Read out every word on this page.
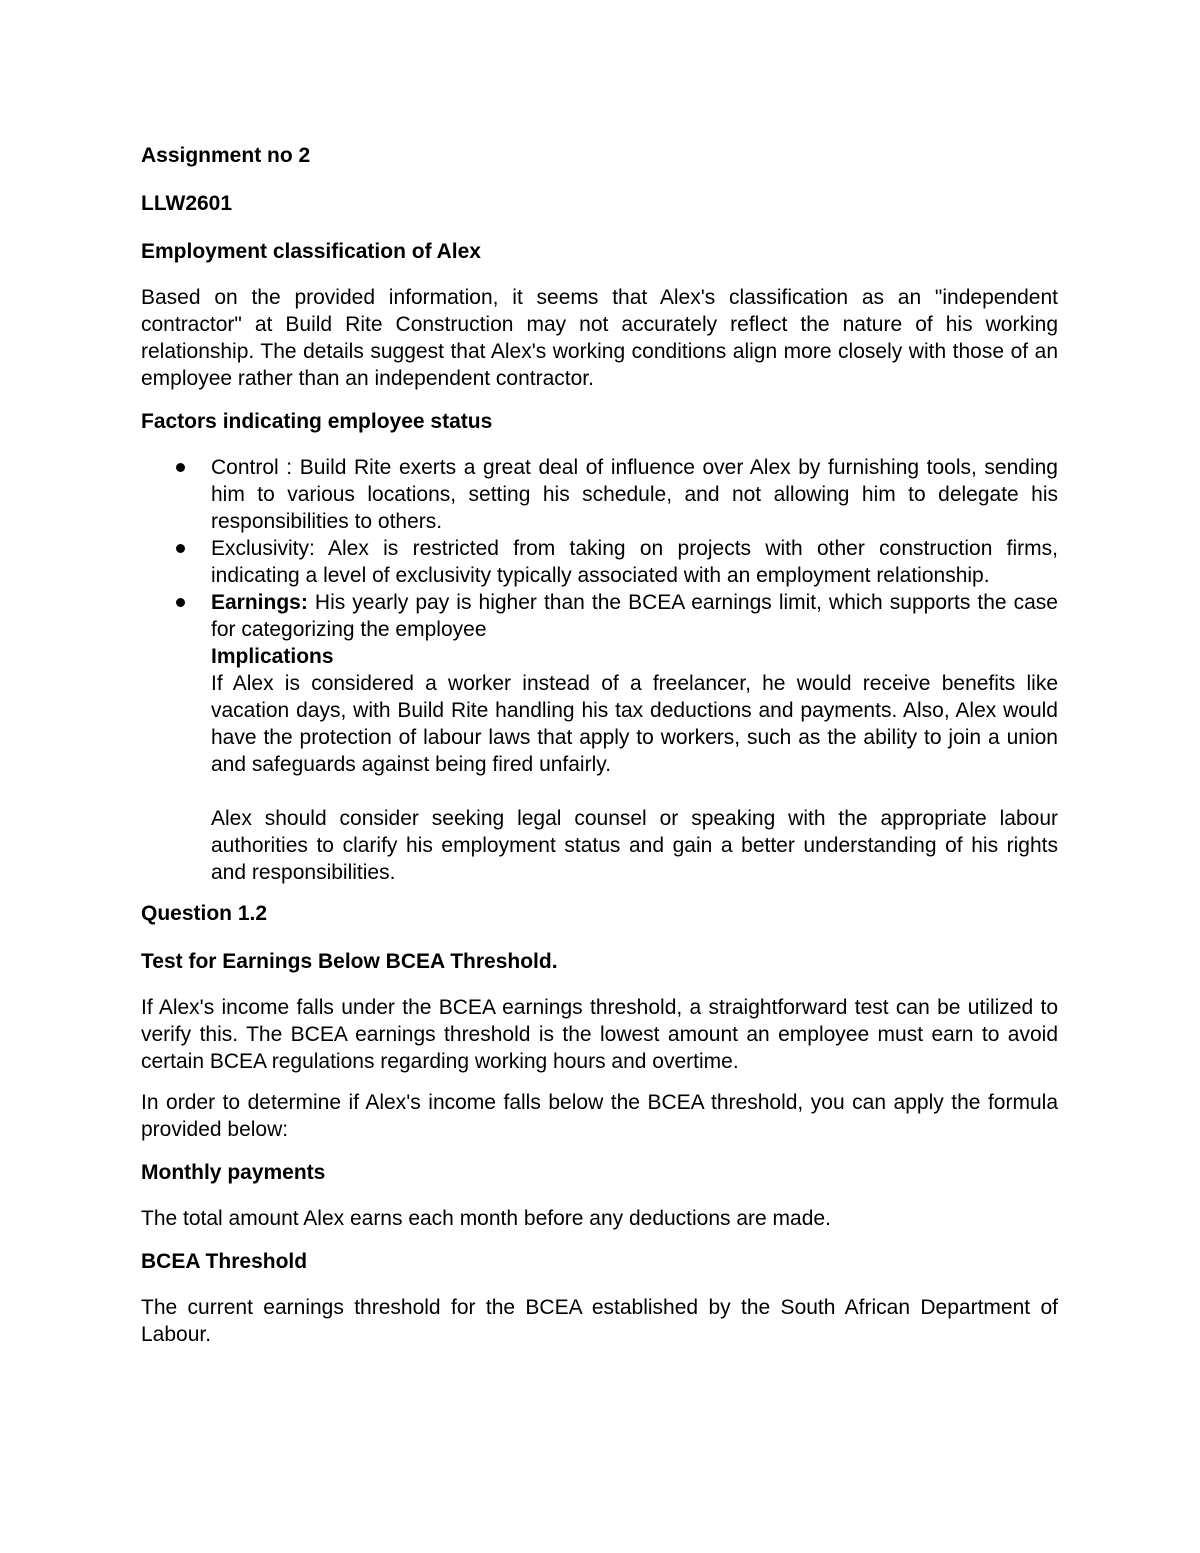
Assignment no 2
LLW2601
Employment classification of Alex

Based on the provided information, it seems that Alex's classification as an "independent contractor" at Build Rite Construction may not accurately reflect the nature of his working relationship. The details suggest that Alex's working conditions align more closely with those of an employee rather than an independent contractor.

Factors indicating employee status
Control : Build Rite exerts a great deal of influence over Alex by furnishing tools, sending him to various locations, setting his schedule, and not allowing him to delegate his responsibilities to others.
Exclusivity: Alex is restricted from taking on projects with other construction firms, indicating a level of exclusivity typically associated with an employment relationship.
Earnings: His yearly pay is higher than the BCEA earnings limit, which supports the case for categorizing the employee
Implications
If Alex is considered a worker instead of a freelancer, he would receive benefits like vacation days, with Build Rite handling his tax deductions and payments. Also, Alex would have the protection of labour laws that apply to workers, such as the ability to join a union and safeguards against being fired unfairly.
Alex should consider seeking legal counsel or speaking with the appropriate labour authorities to clarify his employment status and gain a better understanding of his rights and responsibilities.
Question 1.2
Test for Earnings Below BCEA Threshold.

If Alex's income falls under the BCEA earnings threshold, a straightforward test can be utilized to verify this. The BCEA earnings threshold is the lowest amount an employee must earn to avoid certain BCEA regulations regarding working hours and overtime.

In order to determine if Alex's income falls below the BCEA threshold, you can apply the formula provided below:

Monthly payments

The total amount Alex earns each month before any deductions are made.

BCEA Threshold

The current earnings threshold for the BCEA established by the South African Department of Labour.
